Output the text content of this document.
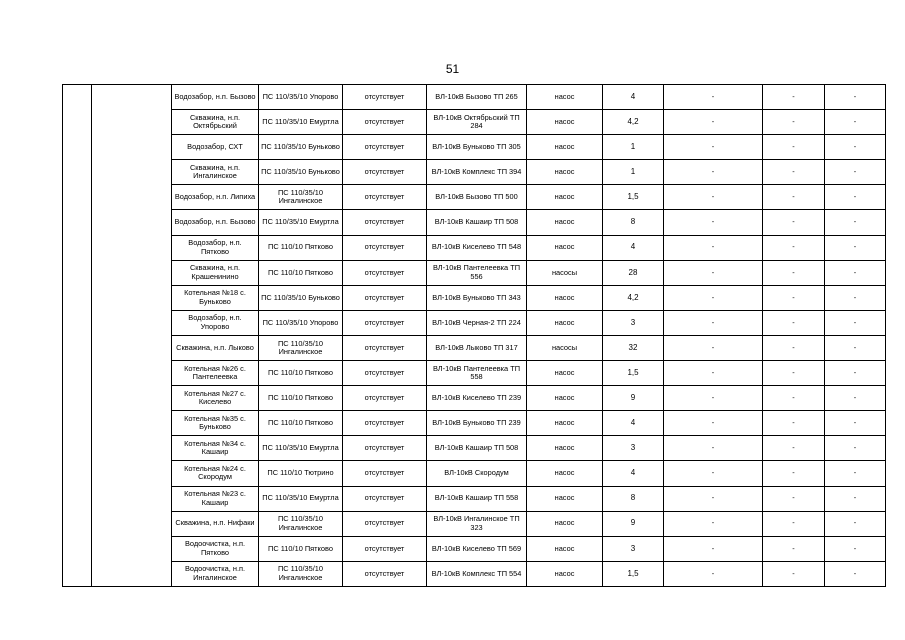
51
		Водозабор, н.п. Бызово	ПС 110/35/10 Упорово	отсутствует	ВЛ-10кВ Бызово ТП 265	насос	4	-	-	-
		Скважина, н.п. Октябрьский	ПС 110/35/10 Емуртла	отсутствует	ВЛ-10кВ Октябрьский ТП 284	насос	4,2	-	-	-
		Водозабор, СХТ	ПС 110/35/10 Буньково	отсутствует	ВЛ-10кВ Буньково ТП 305	насос	1	-	-	-
		Скважина, н.п. Ингалинское	ПС 110/35/10 Буньково	отсутствует	ВЛ-10кВ Комплекс ТП 394	насос	1	-	-	-
		Водозабор, н.п. Липиха	ПС 110/35/10 Ингалинское	отсутствует	ВЛ-10кВ Бызово ТП 500	насос	1,5	-	-	-
		Водозабор, н.п. Бызово	ПС 110/35/10 Емуртла	отсутствует	ВЛ-10кВ Кашаир ТП 508	насос	8	-	-	-
		Водозабор, н.п. Пятково	ПС 110/10 Пятково	отсутствует	ВЛ-10кВ Киселево ТП 548	насос	4	-	-	-
		Скважина, н.п. Крашенинино	ПС 110/10 Пятково	отсутствует	ВЛ-10кВ Пантелеевка ТП 556	насосы	28	-	-	-
		Котельная №18 с. Буньково	ПС 110/35/10 Буньково	отсутствует	ВЛ-10кВ Буньково ТП 343	насос	4,2	-	-	-
		Водозабор, н.п. Упорово	ПС 110/35/10 Упорово	отсутствует	ВЛ-10кВ Черная-2 ТП 224	насос	3	-	-	-
		Скважина, н.п. Лыково	ПС 110/35/10 Ингалинское	отсутствует	ВЛ-10кВ Лыково ТП 317	насосы	32	-	-	-
		Котельная №26 с. Пантелеевка	ПС 110/10 Пятково	отсутствует	ВЛ-10кВ Пантелеевка ТП 558	насос	1,5	-	-	-
		Котельная №27 с. Киселево	ПС 110/10 Пятково	отсутствует	ВЛ-10кВ Киселево ТП 239	насос	9	-	-	-
		Котельная №35 с. Буньково	ПС 110/10 Пятково	отсутствует	ВЛ-10кВ Буньково ТП 239	насос	4	-	-	-
		Котельная №34 с. Кашаир	ПС 110/35/10 Емуртла	отсутствует	ВЛ-10кВ Кашаир ТП 508	насос	3	-	-	-
		Котельная №24 с. Скородум	ПС 110/10 Тютрино	отсутствует	ВЛ-10кВ Скородум	насос	4	-	-	-
		Котельная №23 с. Кашаир	ПС 110/35/10 Емуртла	отсутствует	ВЛ-10кВ Кашаир ТП 558	насос	8	-	-	-
		Скважина, н.п. Нифаки	ПС 110/35/10 Ингалинское	отсутствует	ВЛ-10кВ Ингалинское ТП 323	насос	9	-	-	-
		Водоочистка, н.п. Пятково	ПС 110/10 Пятково	отсутствует	ВЛ-10кВ Киселево ТП 569	насос	3	-	-	-
		Водоочистка, н.п. Ингалинское	ПС 110/35/10 Ингалинское	отсутствует	ВЛ-10кВ Комплекс ТП 554	насос	1,5	-	-	-
